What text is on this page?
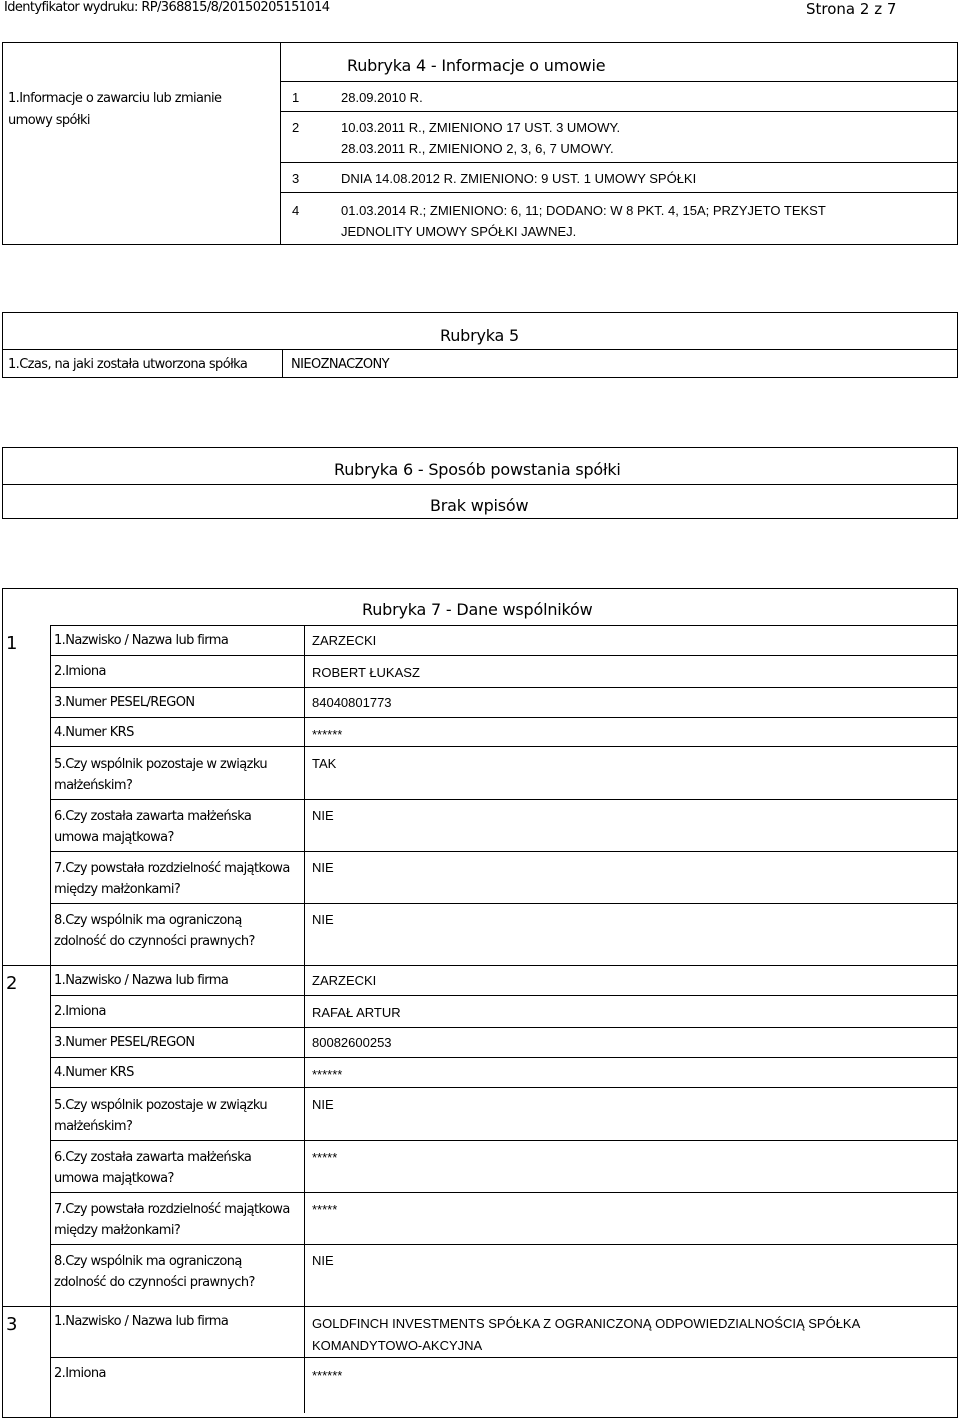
Identyfikator wydruku: RP/368815/8/20150205151014	Strona 2 z 7
Rubryka 4 - Informacje o umowie
1.Informacje o zawarciu lub zmianie umowy spółki
1	28.09.2010 R.
2	10.03.2011 R., ZMIENIONO 17 UST. 3 UMOWY.
28.03.2011 R., ZMIENIONO 2, 3, 6, 7 UMOWY.
3	DNIA 14.08.2012 R. ZMIENIONO: 9 UST. 1 UMOWY SPÓŁKI
4	01.03.2014 R.; ZMIENIONO: 6, 11; DODANO: W 8 PKT. 4, 15A; PRZYJETO TEKST
JEDNOLITY UMOWY SPÓŁKI JAWNEJ.
Rubryka 5
1.Czas, na jaki została utworzona spółka	NIEOZNACZONY
Rubryka 6 - Sposób powstania spółki
Brak wpisów
Rubryka 7 - Dane wspólników
1	1.Nazwisko / Nazwa lub firma	ZARZECKI
2.Imiona	ROBERT ŁUKASZ
3.Numer PESEL/REGON	84040801773
4.Numer KRS	******
5.Czy wspólnik pozostaje w związku małżeńskim?
TAK
6.Czy została zawarta małżeńska umowa majątkowa?
NIE
7.Czy powstała rozdzielność majątkowa między małżonkami?
NIE
8.Czy wspólnik ma ograniczoną zdolność do czynności prawnych?
NIE
2	1.Nazwisko / Nazwa lub firma	ZARZECKI
2.Imiona	RAFAŁ ARTUR
3.Numer PESEL/REGON	80082600253
4.Numer KRS	******
5.Czy wspólnik pozostaje w związku małżeńskim?
NIE
6.Czy została zawarta małżeńska umowa majątkowa?
*****
7.Czy powstała rozdzielność majątkowa między małżonkami?
*****
8.Czy wspólnik ma ograniczoną zdolność do czynności prawnych?
NIE
3	1.Nazwisko / Nazwa lub firma	GOLDFINCH INVESTMENTS SPÓŁKA Z OGRANICZONĄ ODPOWIEDZIALNOŚCIĄ SPÓŁKA KOMANDYTOWO-AKCYJNA
2.Imiona	******
